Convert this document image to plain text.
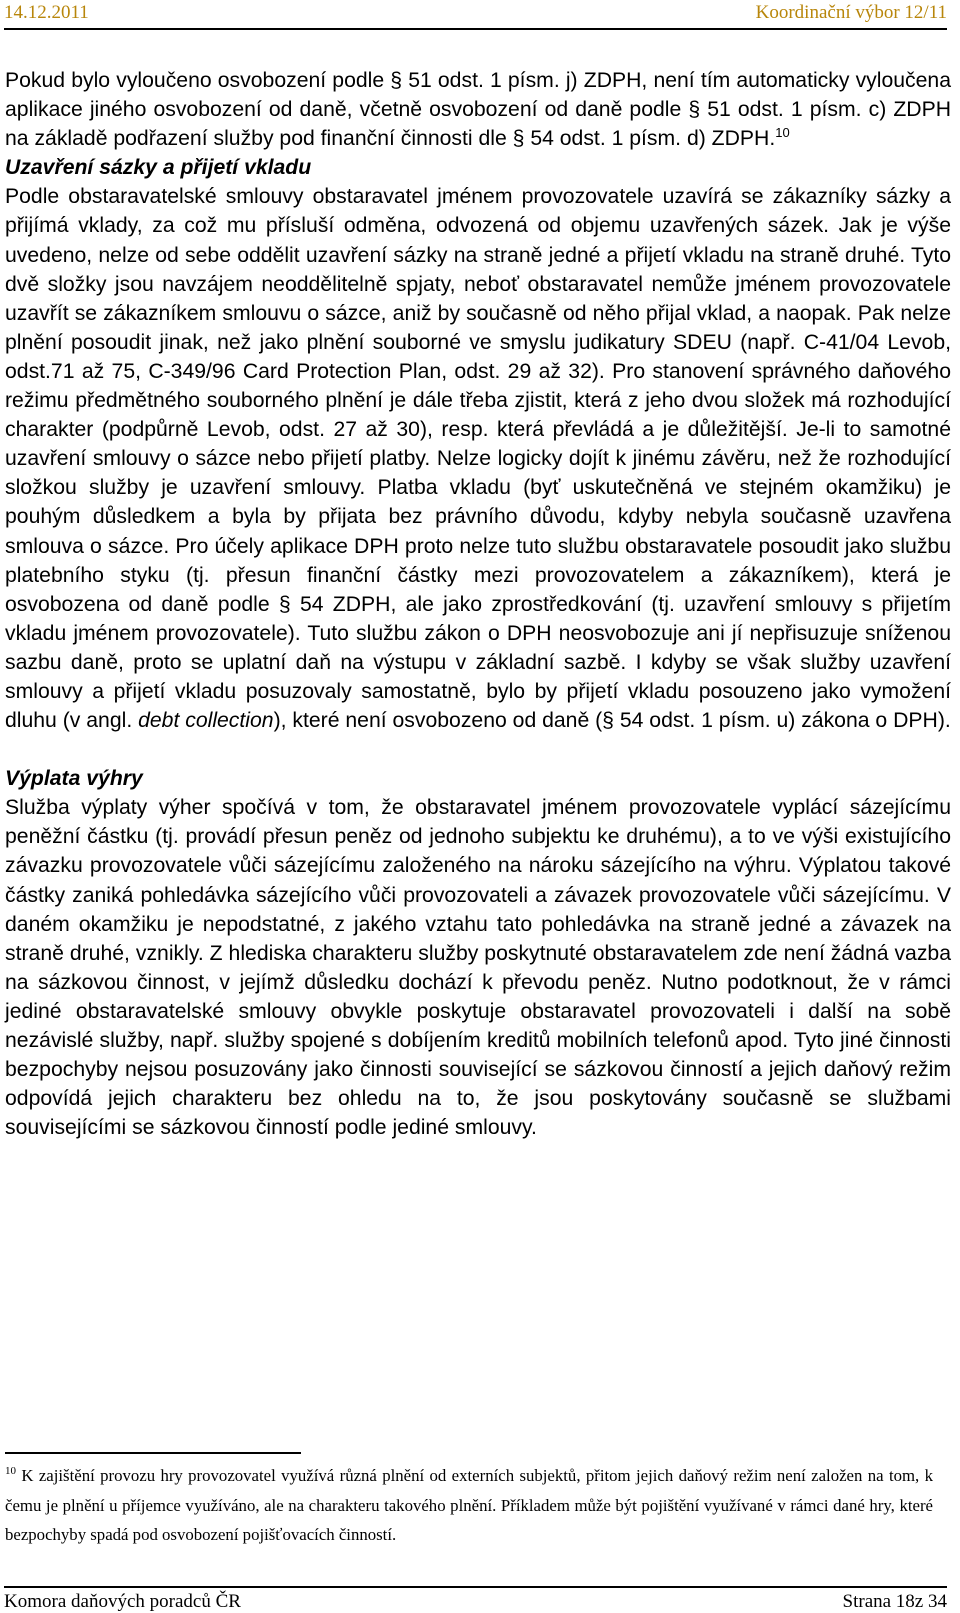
14.12.2011	Koordinační výbor 12/11

Pokud bylo vyloučeno osvobození podle § 51 odst. 1 písm. j) ZDPH, není tím automaticky vyloučena aplikace jiného osvobození od daně, včetně osvobození od daně podle § 51 odst. 1 písm. c) ZDPH na základě podřazení služby pod finanční činnosti dle § 54 odst. 1 písm. d) ZDPH.$^{10}$

Uzavření sázky a přijetí vkladu

Podle obstaravatelské smlouvy obstaravatel jménem provozovatele uzavírá se zákazníky sázky a přijímá vklady, za což mu přísluší odměna, odvozená od objemu uzavřených sázek. Jak je výše uvedeno, nelze od sebe oddělit uzavření sázky na straně jedné a přijetí vkladu na straně druhé. Tyto dvě složky jsou navzájem neoddělitelně spjaty, neboť obstaravatel nemůže jménem provozovatele uzavřít se zákazníkem smlouvu o sázce, aniž by současně od něho přijal vklad, a naopak. Pak nelze plnění posoudit jinak, než jako plnění souborné ve smyslu judikatury SDEU (např. C-41/04 Levob, odst.71 až 75, C-349/96 Card Protection Plan, odst. 29 až 32). Pro stanovení správného daňového režimu předmětného souborného plnění je dále třeba zjistit, která z jeho dvou složek má rozhodující charakter (podpůrně Levob, odst. 27 až 30), resp. která převládá a je důležitější. Je-li to samotné uzavření smlouvy o sázce nebo přijetí platby. Nelze logicky dojít k jinému závěru, než že rozhodující složkou služby je uzavření smlouvy. Platba vkladu (byť uskutečněná ve stejném okamžiku) je pouhým důsledkem a byla by přijata bez právního důvodu, kdyby nebyla současně uzavřena smlouva o sázce. Pro účely aplikace DPH proto nelze tuto službu obstaravatele posoudit jako službu platebního styku (tj. přesun finanční částky mezi provozovatelem a zákazníkem), která je osvobozena od daně podle § 54 ZDPH, ale jako zprostředkování (tj. uzavření smlouvy s přijetím vkladu jménem provozovatele). Tuto službu zákon o DPH neosvobozuje ani jí nepřisuzuje sníženou sazbu daně, proto se uplatní daň na výstupu v základní sazbě. I kdyby se však služby uzavření smlouvy a přijetí vkladu posuzovaly samostatně, bylo by přijetí vkladu posouzeno jako vymožení dluhu (v angl. debt collection), které není osvobozeno od daně (§ 54 odst. 1 písm. u) zákona o DPH).

Výplata výhry

Služba výplaty výher spočívá v tom, že obstaravatel jménem provozovatele vyplácí sázejícímu peněžní částku (tj. provádí přesun peněz od jednoho subjektu ke druhému), a to ve výši existujícího závazku provozovatele vůči sázejícímu založeného na nároku sázejícího na výhru. Výplatou takové částky zaniká pohledávka sázejícího vůči provozovateli a závazek provozovatele vůči sázejícímu. V daném okamžiku je nepodstatné, z jakého vztahu tato pohledávka na straně jedné a závazek na straně druhé, vznikly. Z hlediska charakteru služby poskytnuté obstaravatelem zde není žádná vazba na sázkovou činnost, v jejímž důsledku dochází k převodu peněz. Nutno podotknout, že v rámci jediné obstaravatelské smlouvy obvykle poskytuje obstaravatel provozovateli i další na sobě nezávislé služby, např. služby spojené s dobíjením kreditů mobilních telefonů apod. Tyto jiné činnosti bezpochyby nejsou posuzovány jako činnosti související se sázkovou činností a jejich daňový režim odpovídá jejich charakteru bez ohledu na to, že jsou poskytovány současně se službami souvisejícími se sázkovou činností podle jediné smlouvy.

$^{10}$ K zajištění provozu hry provozovatel využívá různá plnění od externích subjektů, přitom jejich daňový režim není založen na tom, k čemu je plnění u příjemce využíváno, ale na charakteru takového plnění. Příkladem může být pojištění využívané v rámci dané hry, které bezpochyby spadá pod osvobození pojišťovacích činností.
Komora daňových poradců ČR	Strana 18z 34
